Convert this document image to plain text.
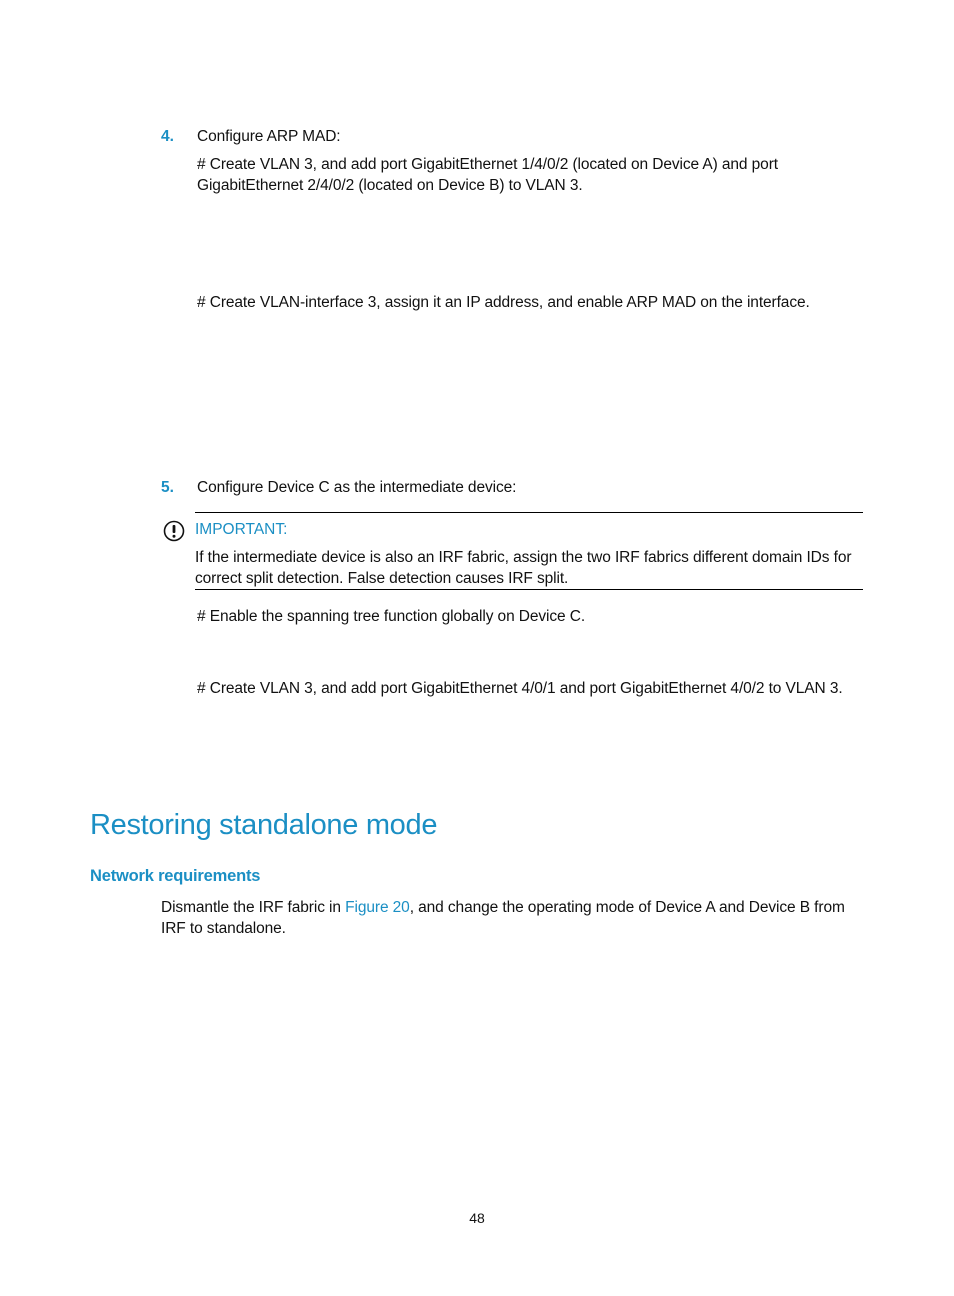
4. Configure ARP MAD:
# Create VLAN 3, and add port GigabitEthernet 1/4/0/2 (located on Device A) and port GigabitEthernet 2/4/0/2 (located on Device B) to VLAN 3.
# Create VLAN-interface 3, assign it an IP address, and enable ARP MAD on the interface.
5. Configure Device C as the intermediate device:
IMPORTANT:
If the intermediate device is also an IRF fabric, assign the two IRF fabrics different domain IDs for correct split detection. False detection causes IRF split.
# Enable the spanning tree function globally on Device C.
# Create VLAN 3, and add port GigabitEthernet 4/0/1 and port GigabitEthernet 4/0/2 to VLAN 3.
Restoring standalone mode
Network requirements
Dismantle the IRF fabric in Figure 20, and change the operating mode of Device A and Device B from IRF to standalone.
48
